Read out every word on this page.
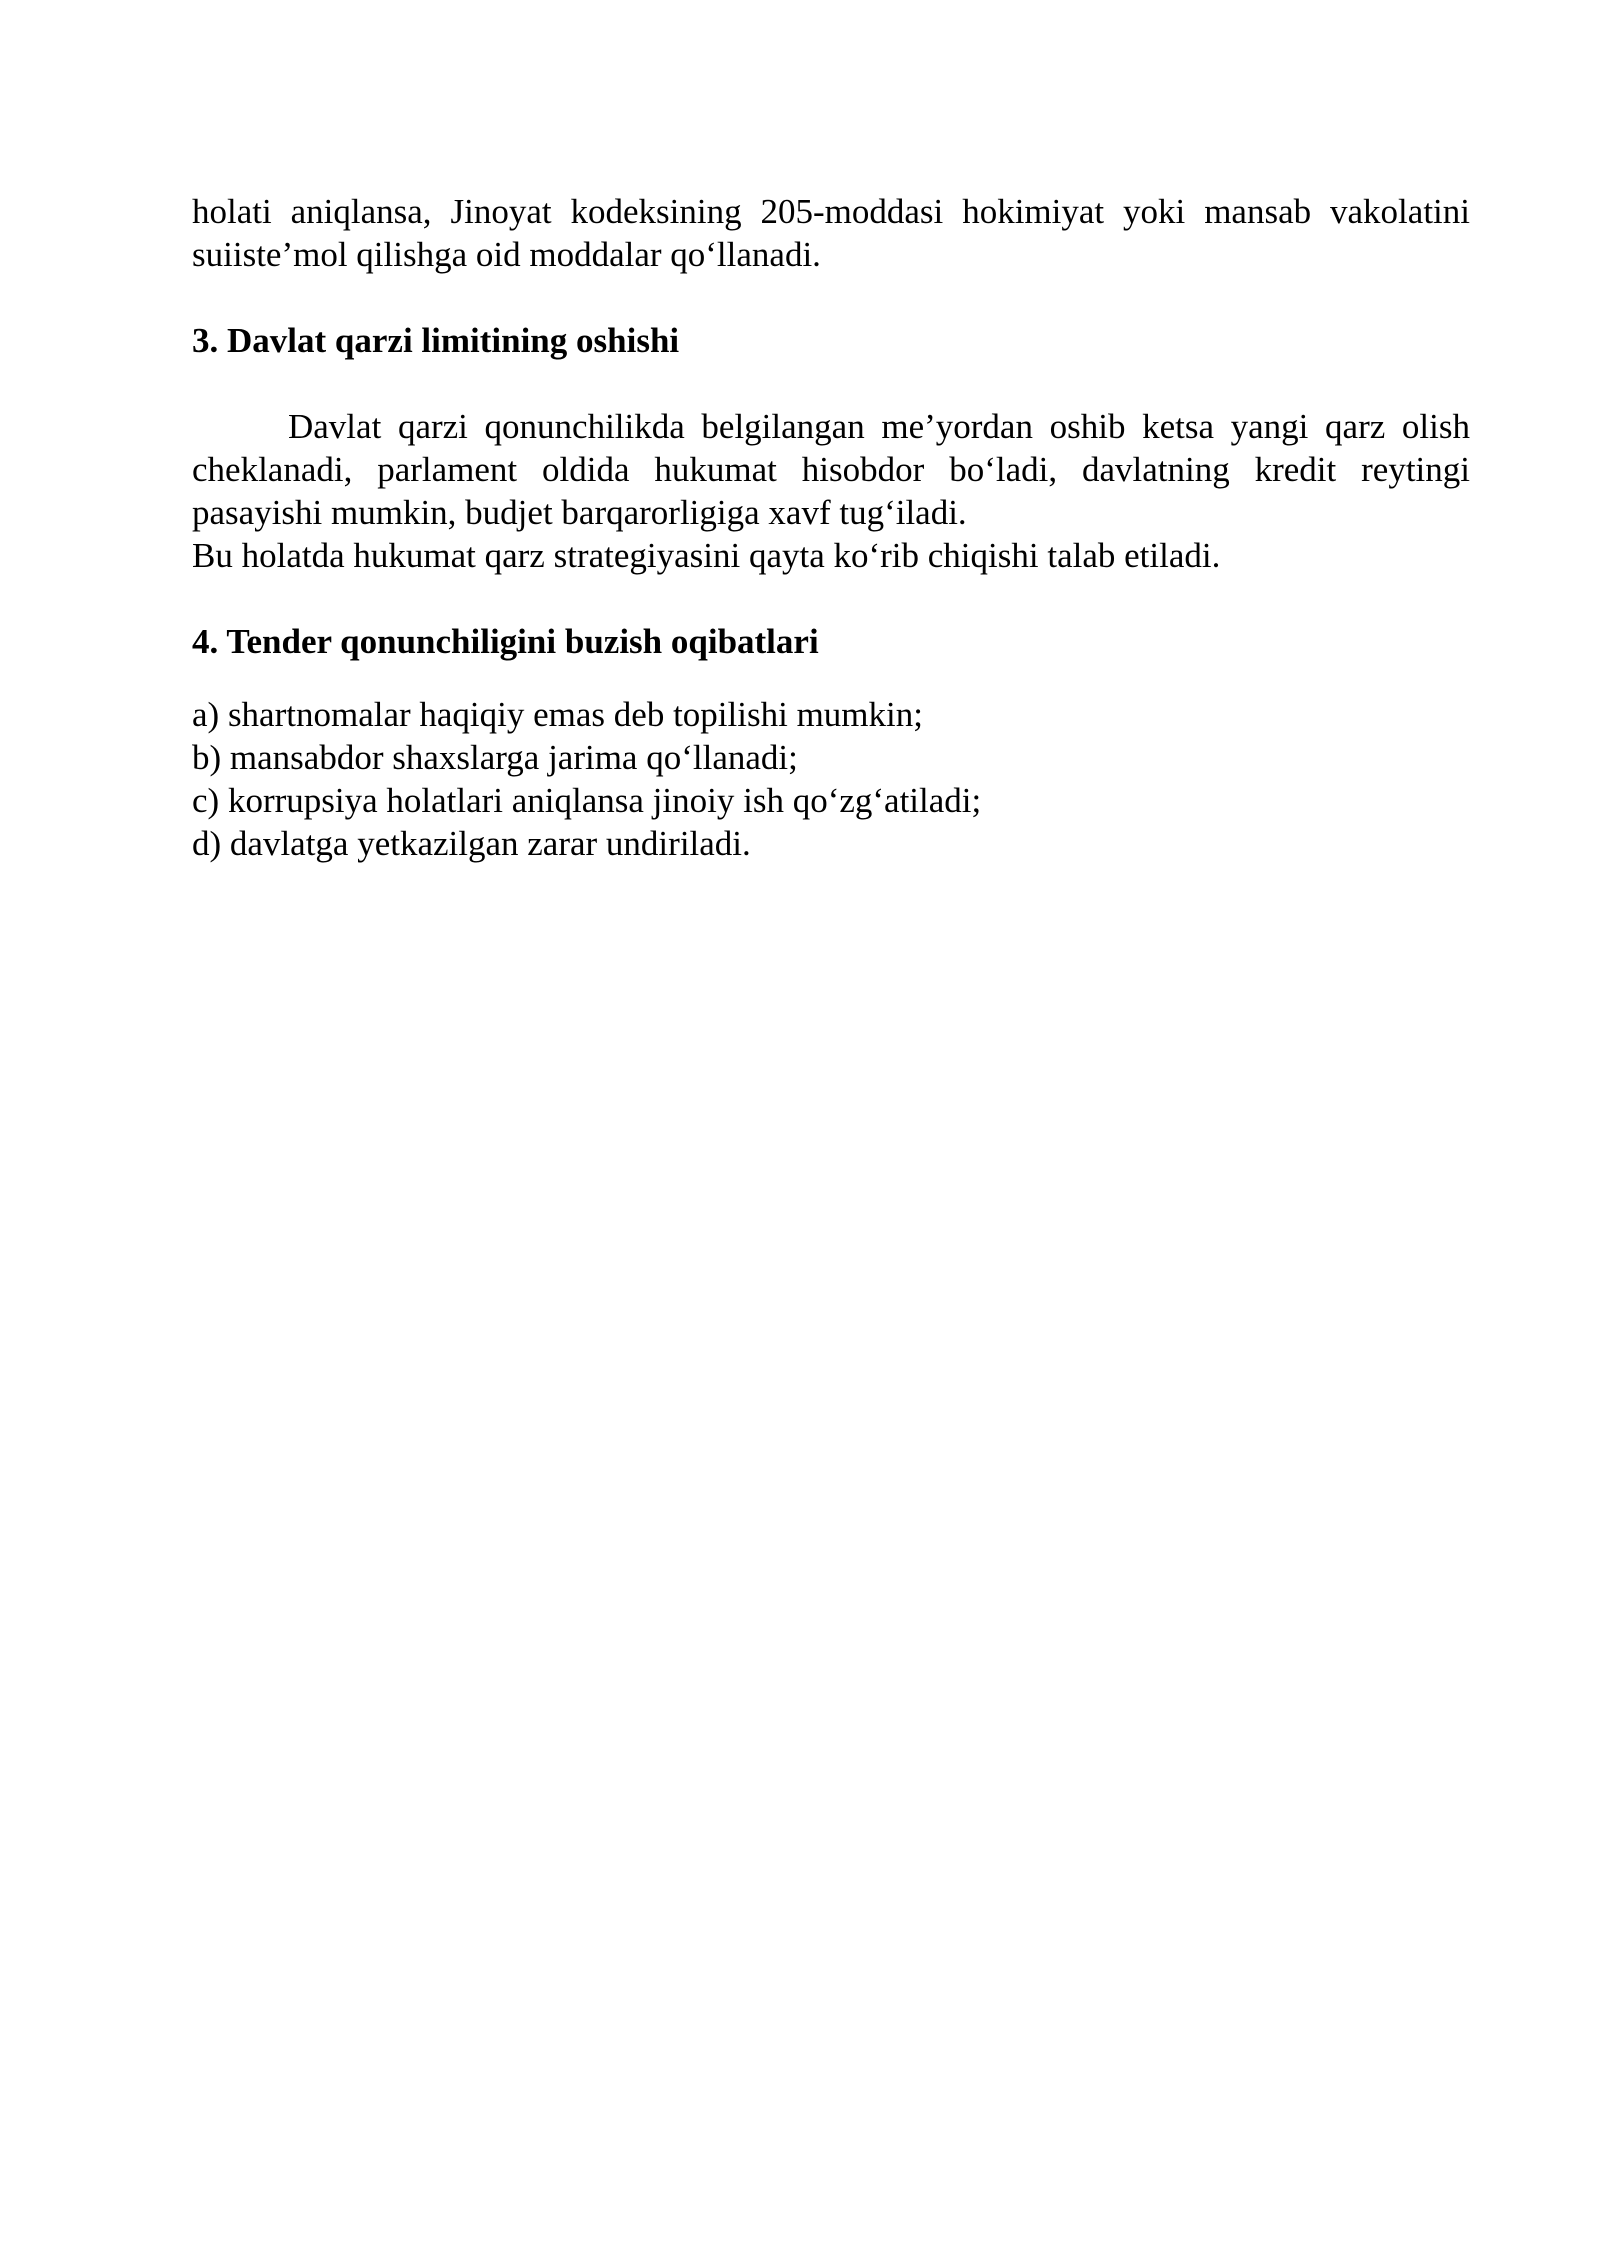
holati aniqlansa, Jinoyat kodeksining 205-moddasi hokimiyat yoki mansab vakolatini suiiste’mol qilishga oid moddalar qo‘llanadi.

3. Davlat qarzi limitining oshishi

Davlat qarzi qonunchilikda belgilangan me’yordan oshib ketsa yangi qarz olish cheklanadi, parlament oldida hukumat hisobdor bo‘ladi, davlatning kredit reytingi pasayishi mumkin, budjet barqarorligiga xavf tug‘iladi.

Bu holatda hukumat qarz strategiyasini qayta ko‘rib chiqishi talab etiladi.

4. Tender qonunchiligini buzish oqibatlari

a) shartnomalar haqiqiy emas deb topilishi mumkin;

b) mansabdor shaxslarga jarima qo‘llanadi;

c) korrupsiya holatlari aniqlansa jinoiy ish qo‘zg‘atiladi;

d) davlatga yetkazilgan zarar undiriladi.
